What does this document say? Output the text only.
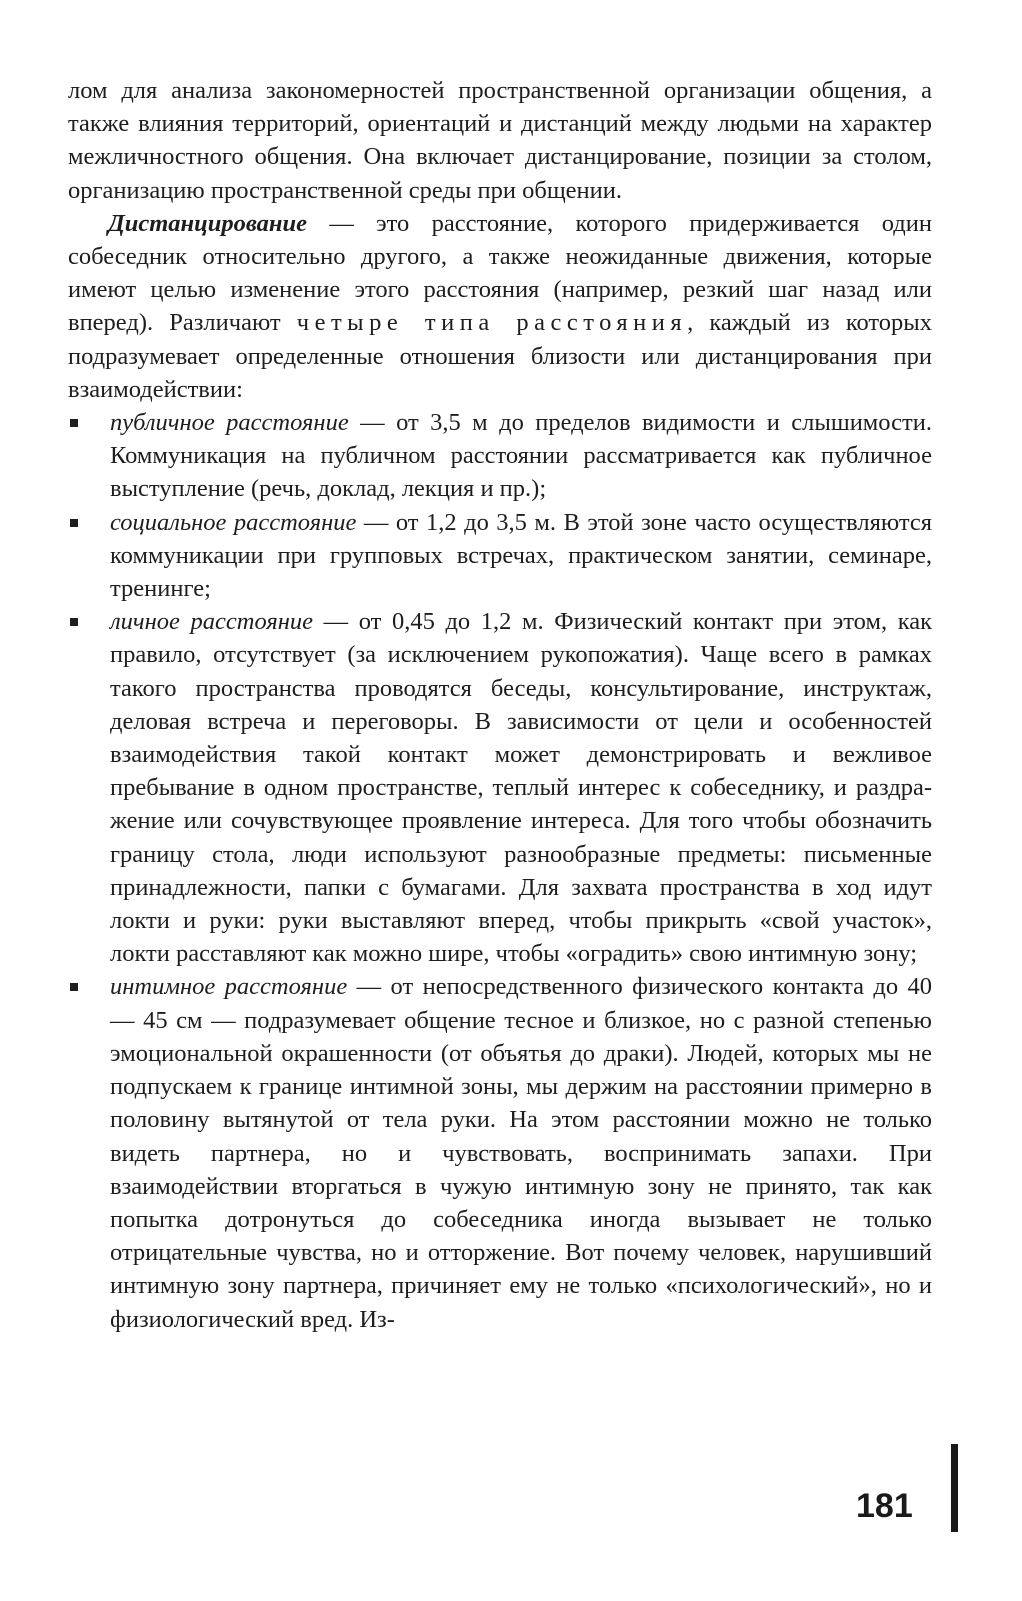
лом для анализа закономерностей пространственной организации общения, а также влияния территорий, ориентаций и дистанций между людьми на характер межличностного общения. Она включает дистанцирование, позиции за столом, организацию пространственной среды при общении.

Дистанцирование — это расстояние, которого придерживается один собеседник относительно другого, а также неожиданные движения, которые имеют целью изменение этого расстояния (например, резкий шаг назад или вперед). Различают четыре типа расстояния, каждый из которых подразумевает определенные отношения близости или дистанцирования при взаимодействии:

публичное расстояние — от 3,5 м до пределов видимости и слышимости. Коммуникация на публичном расстоянии рассматривается как публичное выступление (речь, доклад, лекция и пр.);
социальное расстояние — от 1,2 до 3,5 м. В этой зоне часто осуществляются коммуникации при групповых встречах, практическом занятии, семинаре, тренинге;
личное расстояние — от 0,45 до 1,2 м. Физический контакт при этом, как правило, отсутствует (за исключением рукопожатия). Чаще всего в рамках такого пространства проводятся беседы, консультирование, инструктаж, деловая встреча и переговоры. В зависимости от цели и особенностей взаимодействия такой контакт может демонстрировать и вежливое пребывание в одном пространстве, теплый интерес к собеседнику, и раздражение или сочувствующее проявление интереса. Для того чтобы обозначить границу стола, люди используют разнообразные предметы: письменные принадлежности, папки с бумагами. Для захвата пространства в ход идут локти и руки: руки выставляют вперед, чтобы прикрыть «свой участок», локти расставляют как можно шире, чтобы «оградить» свою интимную зону;
интимное расстояние — от непосредственного физического контакта до 40 — 45 см — подразумевает общение тесное и близкое, но с разной степенью эмоциональной окрашенности (от объятья до драки). Людей, которых мы не подпускаем к границе интимной зоны, мы держим на расстоянии примерно в половину вытянутой от тела руки. На этом расстоянии можно не только видеть партнера, но и чувствовать, воспринимать запахи. При взаимодействии вторгаться в чужую интимную зону не принято, так как попытка дотронуться до собеседника иногда вызывает не только отрицательные чувства, но и отторжение. Вот почему человек, нарушивший интимную зону партнера, причиняет ему не только «психологический», но и физиологический вред. Из-
181
